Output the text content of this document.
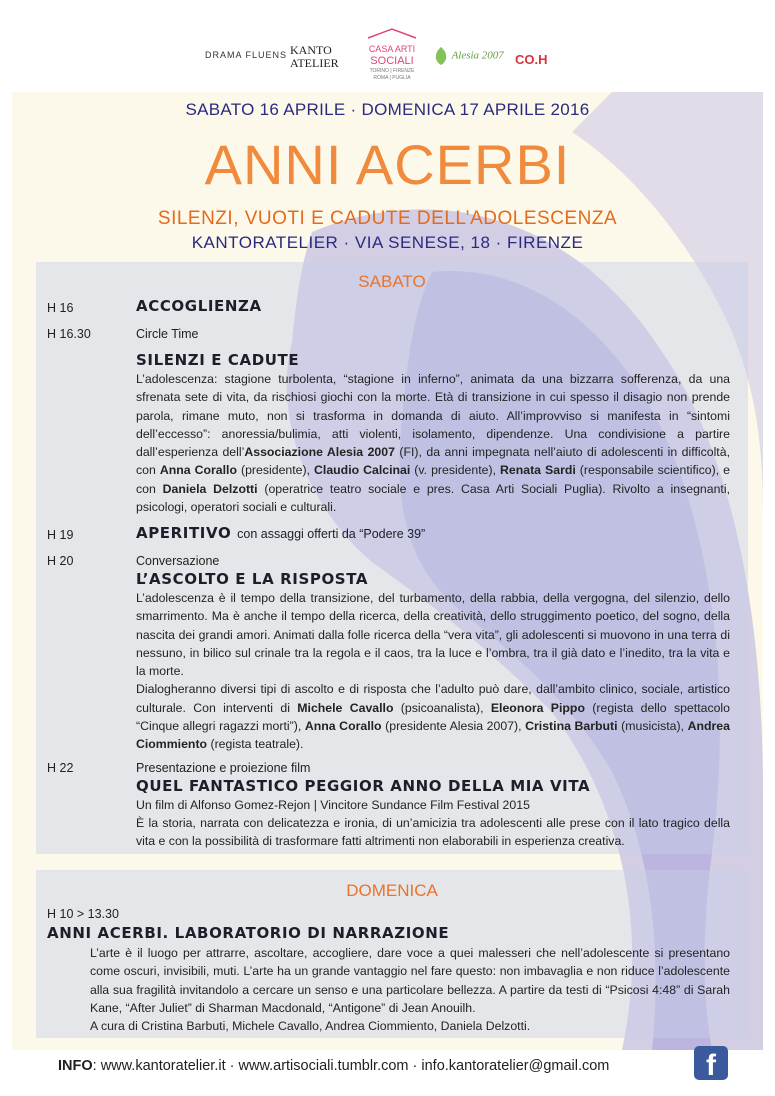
DRAMA FLUENS KANTO
ATELIER
CASA ARTI
SOCIALI
TORINO | FIRENZE
ROMA | PUGLIA
Alesia 2007 CO.H
SABATO 16 APRILE · DOMENICA 17 APRILE 2016
ANNI ACERBI
SILENZI, VUOTI E CADUTE DELL’ADOLESCENZA
KANTORATELIER · VIA SENESE, 18 · FIRENZE
SABATO
H 16	ACCOGLIENZA
H 16.30	Circle Time
SILENZI E CADUTE
L’adolescenza: stagione turbolenta, “stagione in inferno”, animata da una bizzarra sofferenza, da una sfrenata sete di vita, da rischiosi giochi con la morte. Età di transizione in cui spesso il disagio non prende parola, rimane muto, non si trasforma in domanda di aiuto. All’improvviso si manifesta in “sintomi dell’eccesso”: anoressia/bulimia, atti violenti, isolamento, dipendenze. Una condivisione a partire dall’esperienza dell’Associazione Alesia 2007 (FI), da anni impegnata nell’aiuto di adolescenti in difficoltà, con Anna Corallo (presidente), Claudio Calcinai (v. presidente), Renata Sardi (responsabile scientifico), e con Daniela Delzotti (operatrice teatro sociale e pres. Casa Arti Sociali Puglia). Rivolto a insegnanti, psicologi, operatori sociali e culturali.
H 19	APERITIVO con assaggi offerti da “Podere 39”
H 20	Conversazione
L’ASCOLTO E LA RISPOSTA
L’adolescenza è il tempo della transizione, del turbamento, della rabbia, della vergogna, del silenzio, dello smarrimento. Ma è anche il tempo della ricerca, della creatività, dello struggimento poetico, del sogno, della nascita dei grandi amori. Animati dalla folle ricerca della “vera vita”, gli adolescenti si muovono in una terra di nessuno, in bilico sul crinale tra la regola e il caos, tra la luce e l’ombra, tra il già dato e l’inedito, tra la vita e la morte.
Dialogheranno diversi tipi di ascolto e di risposta che l’adulto può dare, dall’ambito clinico, sociale, artistico culturale. Con interventi di Michele Cavallo (psicoanalista), Eleonora Pippo (regista dello spettacolo “Cinque allegri ragazzi morti”), Anna Corallo (presidente Alesia 2007), Cristina Barbuti (musicista), Andrea Ciommiento (regista teatrale).
H 22	Presentazione e proiezione film
QUEL FANTASTICO PEGGIOR ANNO DELLA MIA VITA
Un film di Alfonso Gomez-Rejon | Vincitore Sundance Film Festival 2015
È la storia, narrata con delicatezza e ironia, di un’amicizia tra adolescenti alle prese con il lato tragico della vita e con la possibilità di trasformare fatti altrimenti non elaborabili in esperienza creativa.
DOMENICA
H 10 > 13.30
ANNI ACERBI. LABORATORIO DI NARRAZIONE
L’arte è il luogo per attrarre, ascoltare, accogliere, dare voce a quei malesseri che nell’adolescente si presentano come oscuri, invisibili, muti. L’arte ha un grande vantaggio nel fare questo: non imbavaglia e non riduce l’adolescente alla sua fragilità invitandolo a cercare un senso e una particolare bellezza. A partire da testi di “Psicosi 4:48” di Sarah Kane, “After Juliet” di Sharman Macdonald, “Antigone” di Jean Anouilh.
A cura di Cristina Barbuti, Michele Cavallo, Andrea Ciommiento, Daniela Delzotti.
INFO: www.kantoratelier.it · www.artisociali.tumblr.com · info.kantoratelier@gmail.com	f
